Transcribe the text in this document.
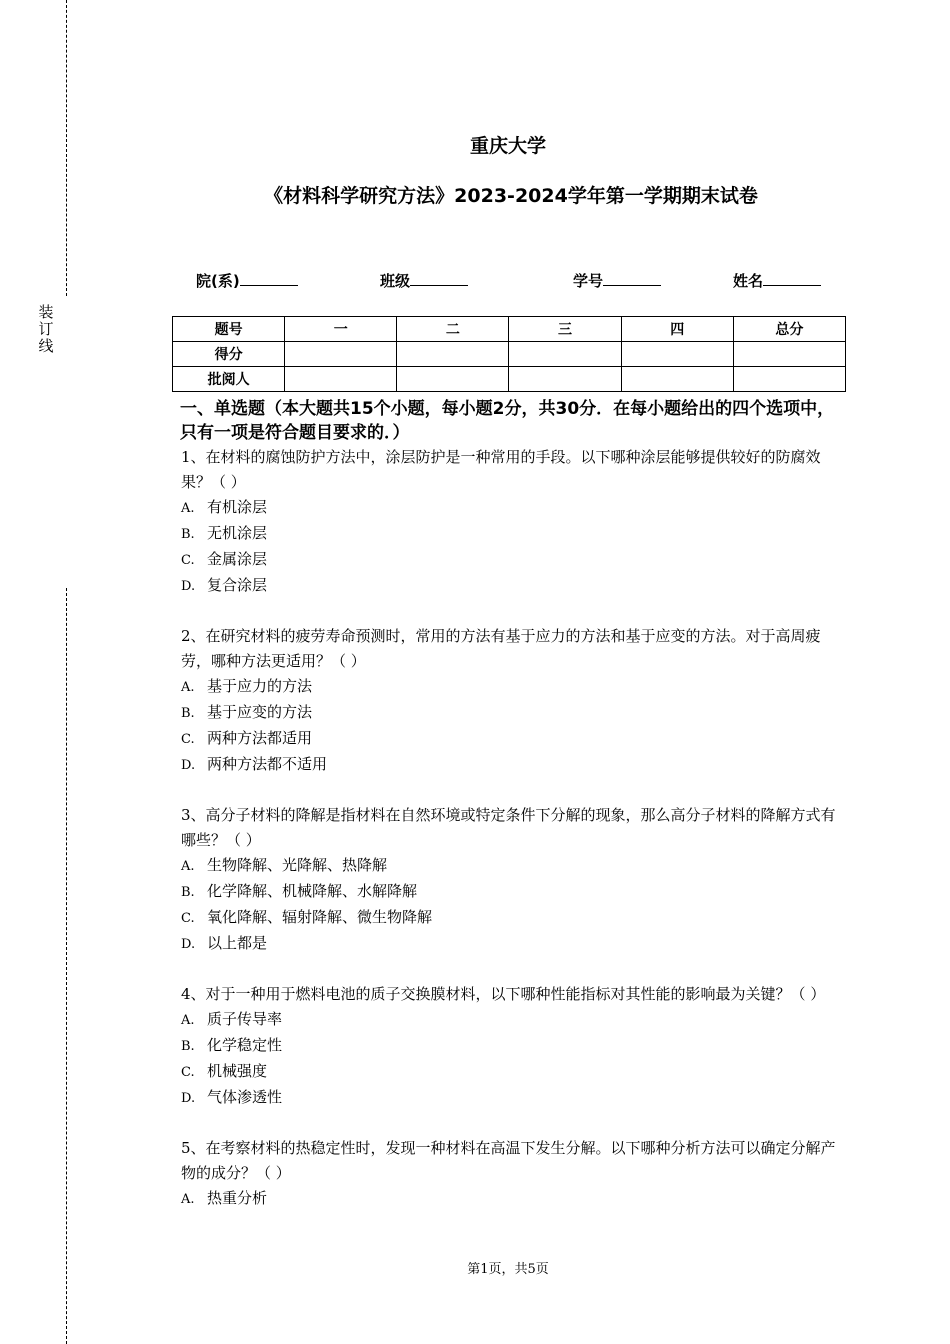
装
订
线
重庆大学
《材料科学研究方法》2023-2024学年第一学期期末试卷
院(系)	班级	学号	姓名
题号	一	二	三	四	总分
得分					
批阅人					
一、单选题（本大题共15个小题，每小题2分，共30分．在每小题给出的四个选项中，只有一项是符合题目要求的．）
1、在材料的腐蚀防护方法中，涂层防护是一种常用的手段。以下哪种涂层能够提供较好的防腐效果？（ ）
A. 有机涂层
B. 无机涂层
C. 金属涂层
D. 复合涂层
2、在研究材料的疲劳寿命预测时，常用的方法有基于应力的方法和基于应变的方法。对于高周疲劳，哪种方法更适用？（ ）
A. 基于应力的方法
B. 基于应变的方法
C. 两种方法都适用
D. 两种方法都不适用
3、高分子材料的降解是指材料在自然环境或特定条件下分解的现象，那么高分子材料的降解方式有哪些？（ ）
A. 生物降解、光降解、热降解
B. 化学降解、机械降解、水解降解
C. 氧化降解、辐射降解、微生物降解
D. 以上都是
4、对于一种用于燃料电池的质子交换膜材料，以下哪种性能指标对其性能的影响最为关键？（ ）
A. 质子传导率
B. 化学稳定性
C. 机械强度
D. 气体渗透性
5、在考察材料的热稳定性时，发现一种材料在高温下发生分解。以下哪种分析方法可以确定分解产物的成分？（ ）
A. 热重分析
第1页，共5页
